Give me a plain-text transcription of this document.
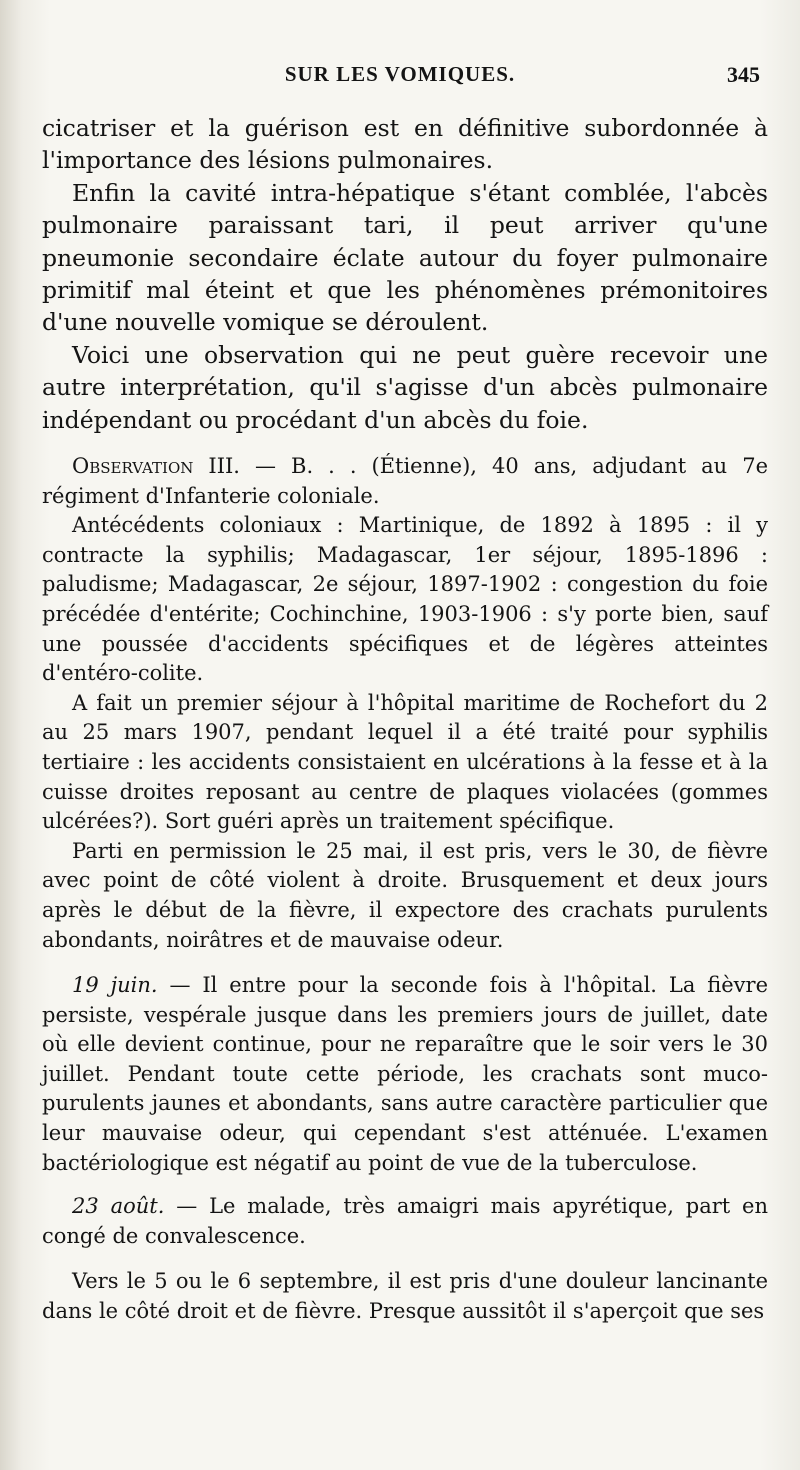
SUR LES VOMIQUES.	345

cicatriser et la guérison est en définitive subordonnée à l'importance des lésions pulmonaires.

Enfin la cavité intra-hépatique s'étant comblée, l'abcès pulmonaire paraissant tari, il peut arriver qu'une pneumonie secondaire éclate autour du foyer pulmonaire primitif mal éteint et que les phénomènes prémonitoires d'une nouvelle vomique se déroulent.

Voici une observation qui ne peut guère recevoir une autre interprétation, qu'il s'agisse d'un abcès pulmonaire indépendant ou procédant d'un abcès du foie.

Observation III. — B. . . (Étienne), 40 ans, adjudant au 7e régiment d'Infanterie coloniale.

Antécédents coloniaux : Martinique, de 1892 à 1895 : il y contracte la syphilis; Madagascar, 1er séjour, 1895-1896 : paludisme; Madagascar, 2e séjour, 1897-1902 : congestion du foie précédée d'entérite; Cochinchine, 1903-1906 : s'y porte bien, sauf une poussée d'accidents spécifiques et de légères atteintes d'entéro-colite.

A fait un premier séjour à l'hôpital maritime de Rochefort du 2 au 25 mars 1907, pendant lequel il a été traité pour syphilis tertiaire : les accidents consistaient en ulcérations à la fesse et à la cuisse droites reposant au centre de plaques violacées (gommes ulcérées?). Sort guéri après un traitement spécifique.

Parti en permission le 25 mai, il est pris, vers le 30, de fièvre avec point de côté violent à droite. Brusquement et deux jours après le début de la fièvre, il expectore des crachats purulents abondants, noirâtres et de mauvaise odeur.

19 juin. — Il entre pour la seconde fois à l'hôpital. La fièvre persiste, vespérale jusque dans les premiers jours de juillet, date où elle devient continue, pour ne reparaître que le soir vers le 30 juillet. Pendant toute cette période, les crachats sont muco-purulents jaunes et abondants, sans autre caractère particulier que leur mauvaise odeur, qui cependant s'est atténuée. L'examen bactériologique est négatif au point de vue de la tuberculose.

23 août. — Le malade, très amaigri mais apyrétique, part en congé de convalescence.

Vers le 5 ou le 6 septembre, il est pris d'une douleur lancinante dans le côté droit et de fièvre. Presque aussitôt il s'aperçoit que ses
